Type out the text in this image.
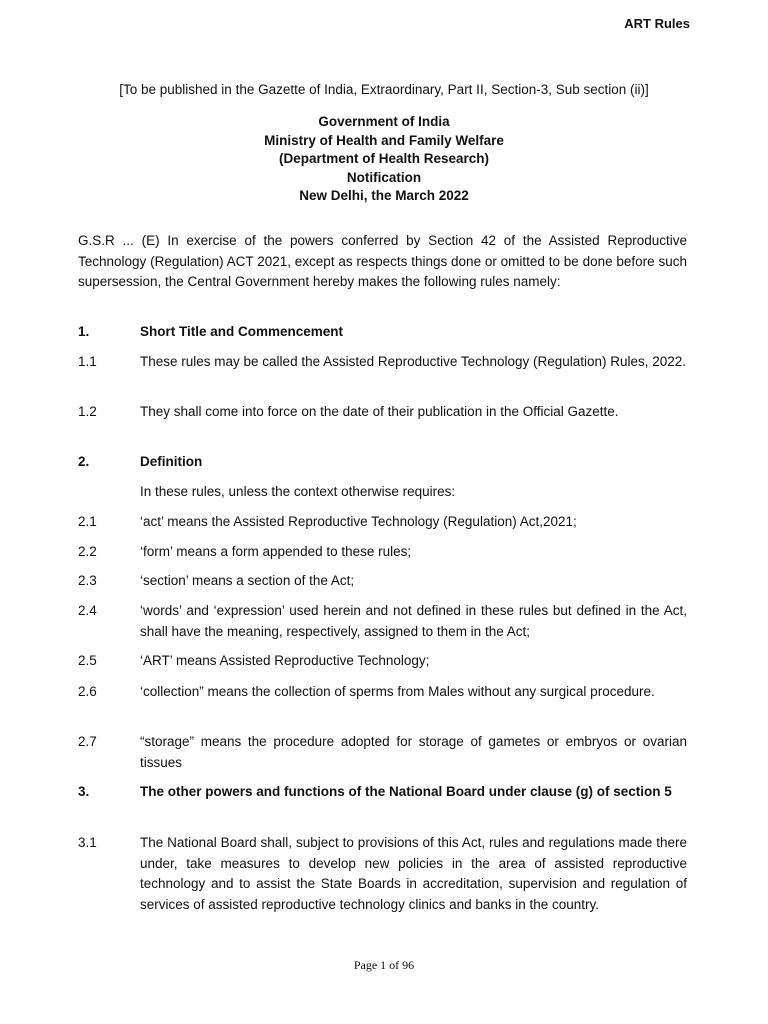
ART Rules
[To be published in the Gazette of India, Extraordinary, Part II, Section-3, Sub section (ii)]
Government of India
Ministry of Health and Family Welfare
(Department of Health Research)
Notification
New Delhi, the March 2022
G.S.R ... (E) In exercise of the powers conferred by Section 42 of the Assisted Reproductive Technology (Regulation) ACT 2021, except as respects things done or omitted to be done before such supersession, the Central Government hereby makes the following rules namely:
1.	Short Title and Commencement
1.1	These rules may be called the Assisted Reproductive Technology (Regulation) Rules, 2022.
1.2	They shall come into force on the date of their publication in the Official Gazette.
2.	Definition
In these rules, unless the context otherwise requires:
2.1	‘act’ means the Assisted Reproductive Technology (Regulation) Act,2021;
2.2	‘form’ means a form appended to these rules;
2.3	‘section’ means a section of the Act;
2.4	‘words’ and ‘expression’ used herein and not defined in these rules but defined in the Act, shall have the meaning, respectively, assigned to them in the Act;
2.5	‘ART’ means Assisted Reproductive Technology;
2.6	‘collection” means the collection of sperms from Males without any surgical procedure.
2.7	“storage” means the procedure adopted for storage of gametes or embryos or ovarian tissues
3.	The other powers and functions of the National Board under clause (g) of section 5
3.1	The National Board shall, subject to provisions of this Act, rules and regulations made there under, take measures to develop new policies in the area of assisted reproductive technology and to assist the State Boards in accreditation, supervision and regulation of services of assisted reproductive technology clinics and banks in the country.
Page 1 of 96
